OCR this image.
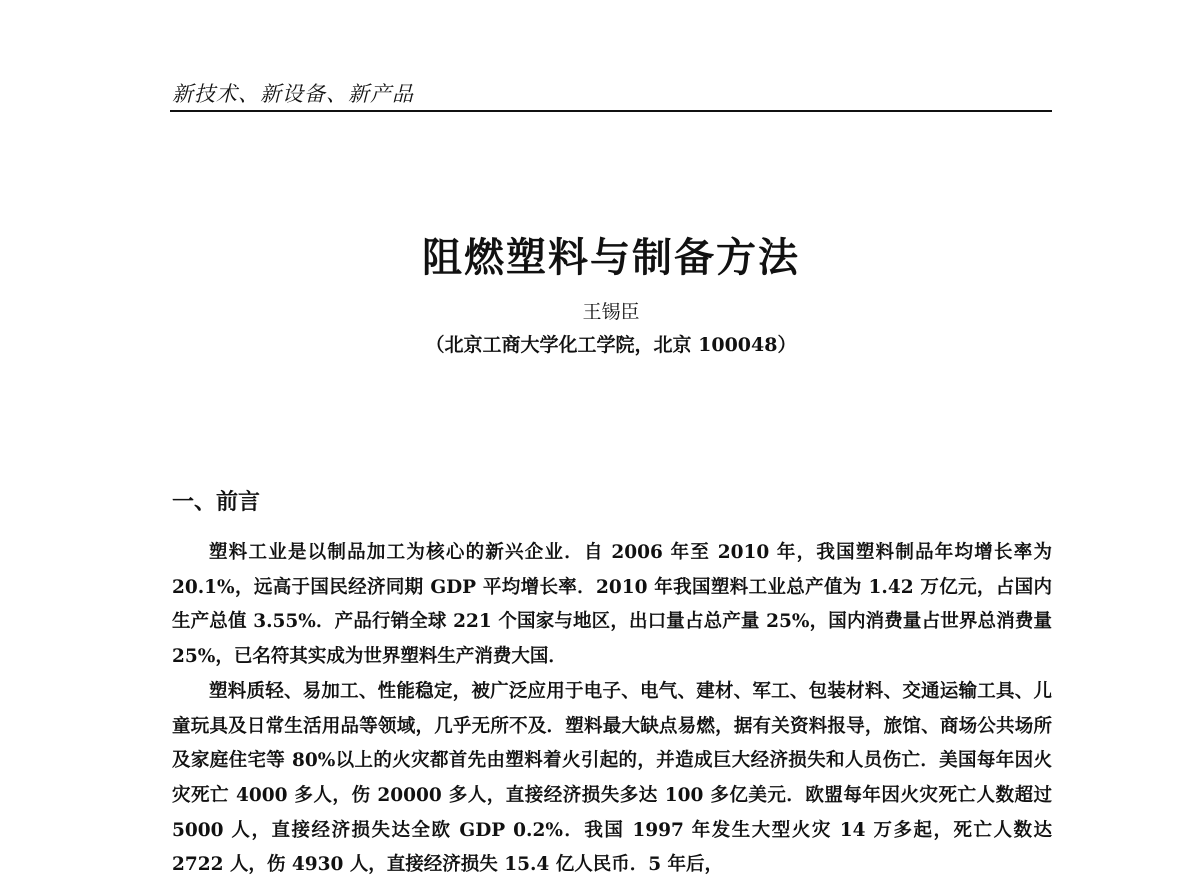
新技术、新设备、新产品
阻燃塑料与制备方法
王锡臣
（北京工商大学化工学院，北京 100048）
一、前言

塑料工业是以制品加工为核心的新兴企业．自 2006 年至 2010 年，我国塑料制品年均增长率为 20.1%，远高于国民经济同期 GDP 平均增长率．2010 年我国塑料工业总产值为 1.42 万亿元，占国内生产总值 3.55%．产品行销全球 221 个国家与地区，出口量占总产量 25%，国内消费量占世界总消费量 25%，已名符其实成为世界塑料生产消费大国．

塑料质轻、易加工、性能稳定，被广泛应用于电子、电气、建材、军工、包装材料、交通运输工具、儿童玩具及日常生活用品等领域，几乎无所不及．塑料最大缺点易燃，据有关资料报导，旅馆、商场公共场所及家庭住宅等 80%以上的火灾都首先由塑料着火引起的，并造成巨大经济损失和人员伤亡．美国每年因火灾死亡 4000 多人，伤 20000 多人，直接经济损失多达 100 多亿美元．欧盟每年因火灾死亡人数超过 5000 人，直接经济损失达全欧 GDP 0.2%．我国 1997 年发生大型火灾 14 万多起，死亡人数达 2722 人，伤 4930 人，直接经济损失 15.4 亿人民币．5 年后，
